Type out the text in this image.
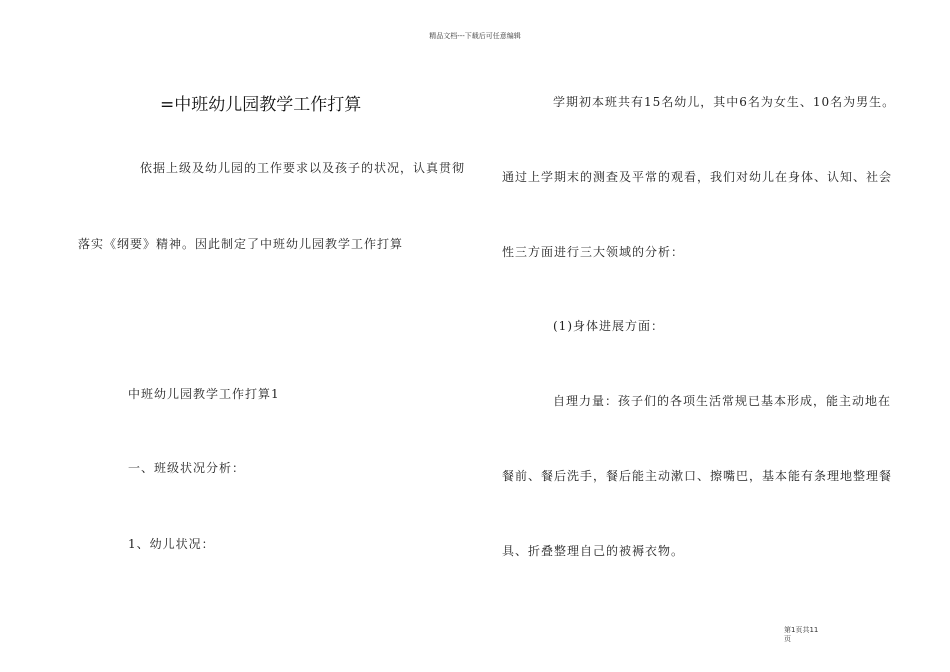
精品文档---下载后可任意编辑
=中班幼儿园教学工作打算
依据上级及幼儿园的工作要求以及孩子的状况，认真贯彻
落实《纲要》精神。因此制定了中班幼儿园教学工作打算
中班幼儿园教学工作打算1
一、班级状况分析：
1、幼儿状况：
学期初本班共有15名幼儿，其中6名为女生、10名为男生。
通过上学期末的测查及平常的观看，我们对幼儿在身体、认知、社会
性三方面进行三大领域的分析：
(1)身体进展方面：
自理力量：孩子们的各项生活常规已基本形成，能主动地在
餐前、餐后洗手，餐后能主动漱口、擦嘴巴，基本能有条理地整理餐
具、折叠整理自己的被褥衣物。
第1页共11
页
